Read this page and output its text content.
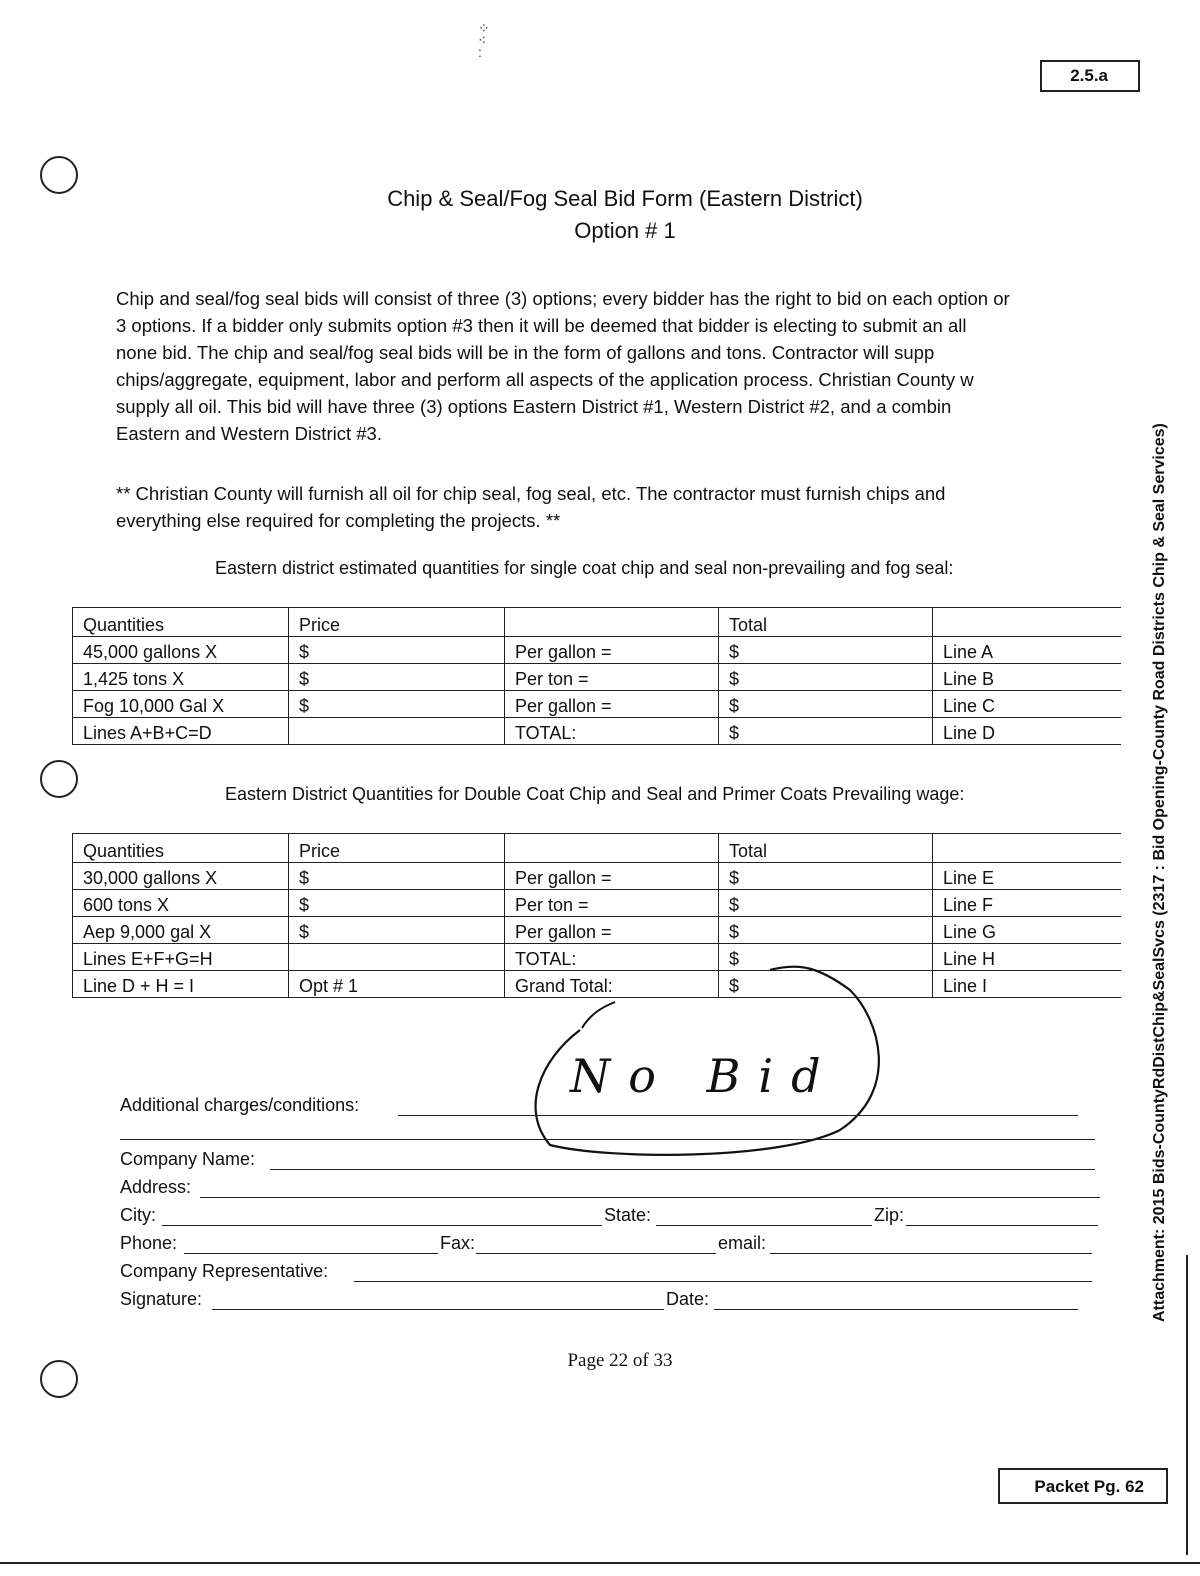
⁘
⁖
:
2.5.a
Chip & Seal/Fog Seal Bid Form (Eastern District)
Option # 1
Chip and seal/fog seal bids will consist of three (3) options; every bidder has the right to bid on each option or
3 options. If a bidder only submits option #3 then it will be deemed that bidder is electing to submit an all
none bid. The chip and seal/fog seal bids will be in the form of gallons and tons. Contractor will supp
chips/aggregate, equipment, labor and perform all aspects of the application process. Christian County w
supply all oil. This bid will have three (3) options Eastern District #1, Western District #2, and a combin
Eastern and Western District #3.
** Christian County will furnish all oil for chip seal, fog seal, etc. The contractor must furnish chips and
everything else required for completing the projects. **
Eastern district estimated quantities for single coat chip and seal non-prevailing and fog seal:
Quantities	Price		Total	
45,000 gallons X	$	Per gallon =	$	Line A
1,425 tons X	$	Per ton =	$	Line B
Fog 10,000 Gal X	$	Per gallon =	$	Line C
Lines A+B+C=D		TOTAL:	$	Line D
Eastern District Quantities for Double Coat Chip and Seal and Primer Coats Prevailing wage:
Quantities	Price		Total	
30,000 gallons X	$	Per gallon =	$	Line E
600 tons X	$	Per ton =	$	Line F
Aep 9,000 gal X	$	Per gallon =	$	Line G
Lines E+F+G=H		TOTAL:	$	Line H
Line D + H = I	Opt # 1	Grand Total:	$	Line I
No Bid
Additional charges/conditions:
Company Name:
Address:
City:	State:	Zip:
Phone:	Fax:	email:
Company Representative:
Signature:	Date:
Page 22 of 33
Attachment: 2015 Bids-CountyRdDistChip&SealSvcs (2317 : Bid Opening-County Road Districts Chip & Seal Services)
Packet Pg. 62
